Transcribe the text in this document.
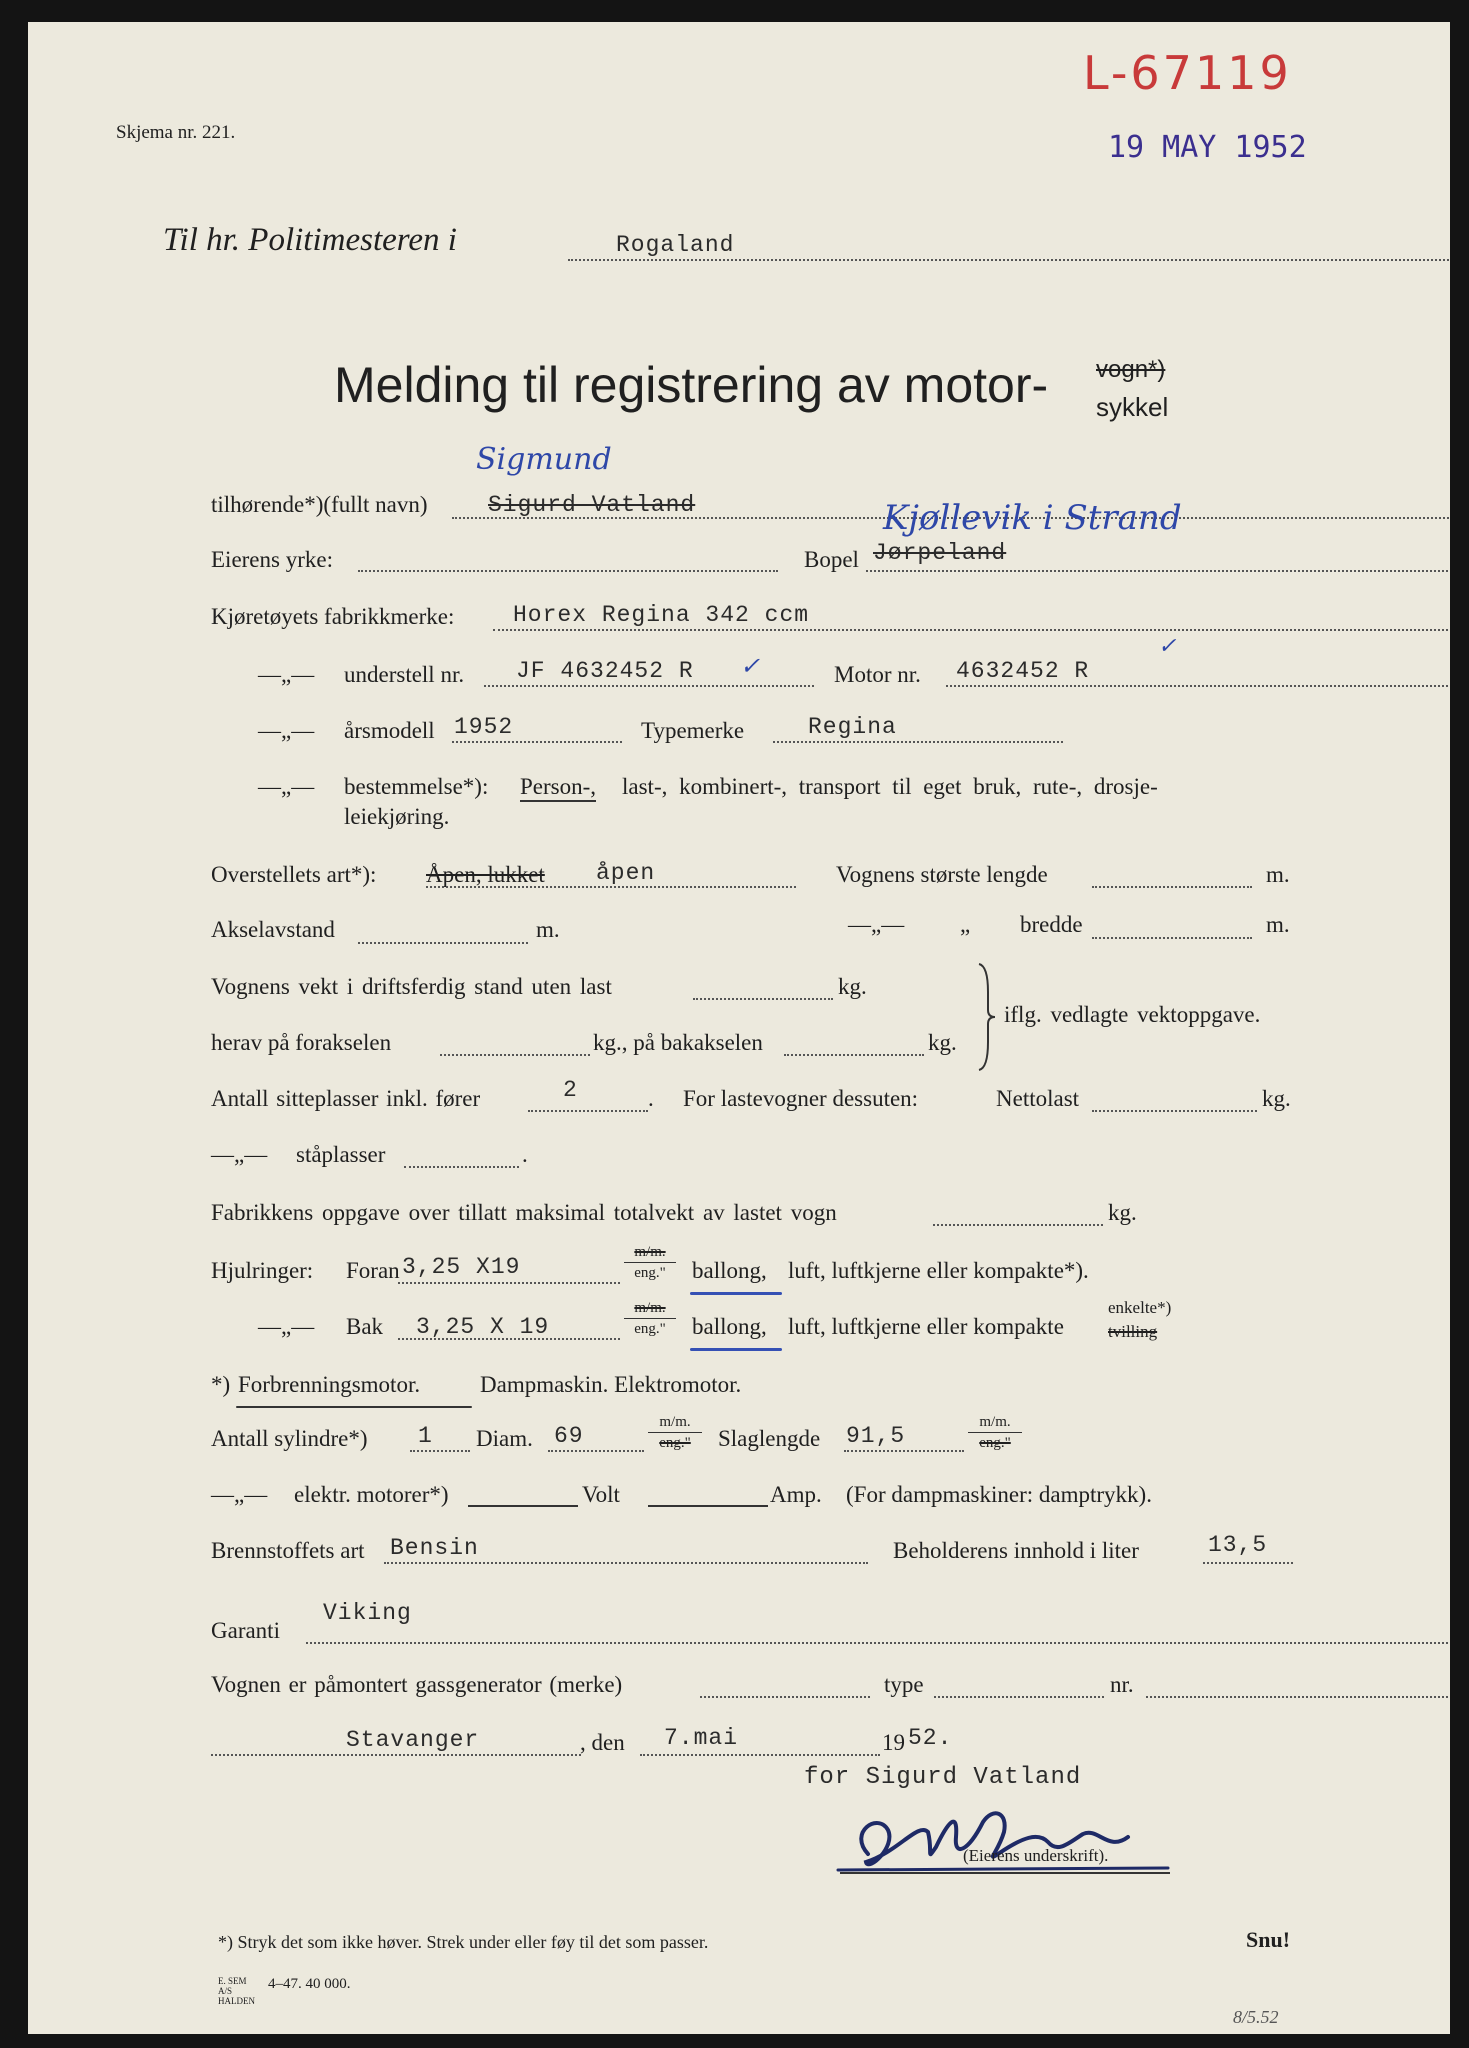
Skjema nr. 221.
L-67119
19 MAY 1952
Til hr. Politimesteren i	Rogaland
Melding til registrering av motor- vogn*)
sykkel
tilhørende*)(fullt navn)	Sigurd Vatland
Sigmund
Eierens yrke:	Bopel Jørpeland
Kjøllevik i Strand
Kjøretøyets fabrikkmerke:	Horex Regina 342 ccm
—„— understell nr. JF 4632452 R ✓	Motor nr. 4632452 R
✓
—„— årsmodell 1952	Typemerke	Regina
—„— bestemmelse*): Person-, last-, kombinert-, transport til eget bruk, rute-, drosje-
leiekjøring.
Overstellets art*): Åpen, lukket åpen	Vognens største lengde	m.
Akselavstand	m.	—„— „ bredde	m.
Vognens vekt i driftsferdig stand uten last	kg.
herav på forakselen	kg., på bakakselen	kg.
iflg. vedlagte vektoppgave.
Antall sitteplasser inkl. fører	2	. For lastevogner dessuten:	Nettolast	kg.
—„— ståplasser	.
Fabrikkens oppgave over tillatt maksimal totalvekt av lastet vogn	kg.
Hjulringer: Foran 3,25 X19
m/m.
eng."	ballong, luft, luftkjerne eller kompakte*).
—„— Bak 3,25 X 19
m/m.
eng."	ballong, luft, luftkjerne eller kompakte
enkelte*)
tvilling
*) Forbrenningsmotor.	Dampmaskin. Elektromotor.
Antall sylindre*) 1 Diam. 69
m/m.
eng."	Slaglengde 91,5
m/m.
eng."
—„— elektr. motorer*)	Volt	Amp. (For dampmaskiner: damptrykk).
Brennstoffets art Bensin	Beholderens innhold i liter	13,5
Garanti
Viking
Vognen er påmontert gassgenerator (merke)	type	nr.
Stavanger	, den 7.mai	19 52.
for Sigurd Vatland
(Eierens underskrift).
*) Stryk det som ikke høver. Strek under eller føy til det som passer.	Snu!
E. SEM A/S HALDEN
4–47. 40 000.
8/5.52
